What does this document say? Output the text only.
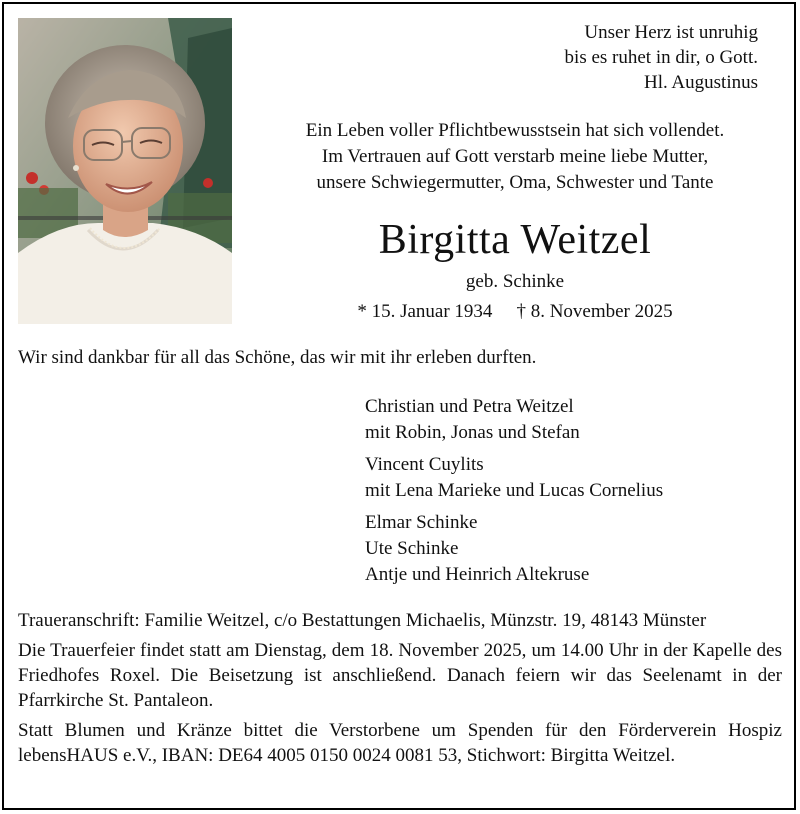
Unser Herz ist unruhig
bis es ruhet in dir, o Gott.
Hl. Augustinus
Ein Leben voller Pflichtbewusstsein hat sich vollendet.
Im Vertrauen auf Gott verstarb meine liebe Mutter,
unsere Schwiegermutter, Oma, Schwester und Tante
Birgitta Weitzel
geb. Schinke
* 15. Januar 1934 † 8. November 2025
Wir sind dankbar für all das Schöne, das wir mit ihr erleben durften.
Christian und Petra Weitzel
mit Robin, Jonas und Stefan
Vincent Cuylits
mit Lena Marieke und Lucas Cornelius
Elmar Schinke
Ute Schinke
Antje und Heinrich Altekruse

Traueranschrift: Familie Weitzel, c/o Bestattungen Michaelis, Münzstr. 19, 48143 Münster

Die Trauerfeier findet statt am Dienstag, dem 18. November 2025, um 14.00 Uhr in der Kapelle des Friedhofes Roxel. Die Beisetzung ist anschließend. Danach feiern wir das Seelenamt in der Pfarrkirche St. Pantaleon.

Statt Blumen und Kränze bittet die Verstorbene um Spenden für den Förderverein Hospiz lebensHAUS e.V., IBAN: DE64 4005 0150 0024 0081 53, Stichwort: Birgitta Weitzel.
